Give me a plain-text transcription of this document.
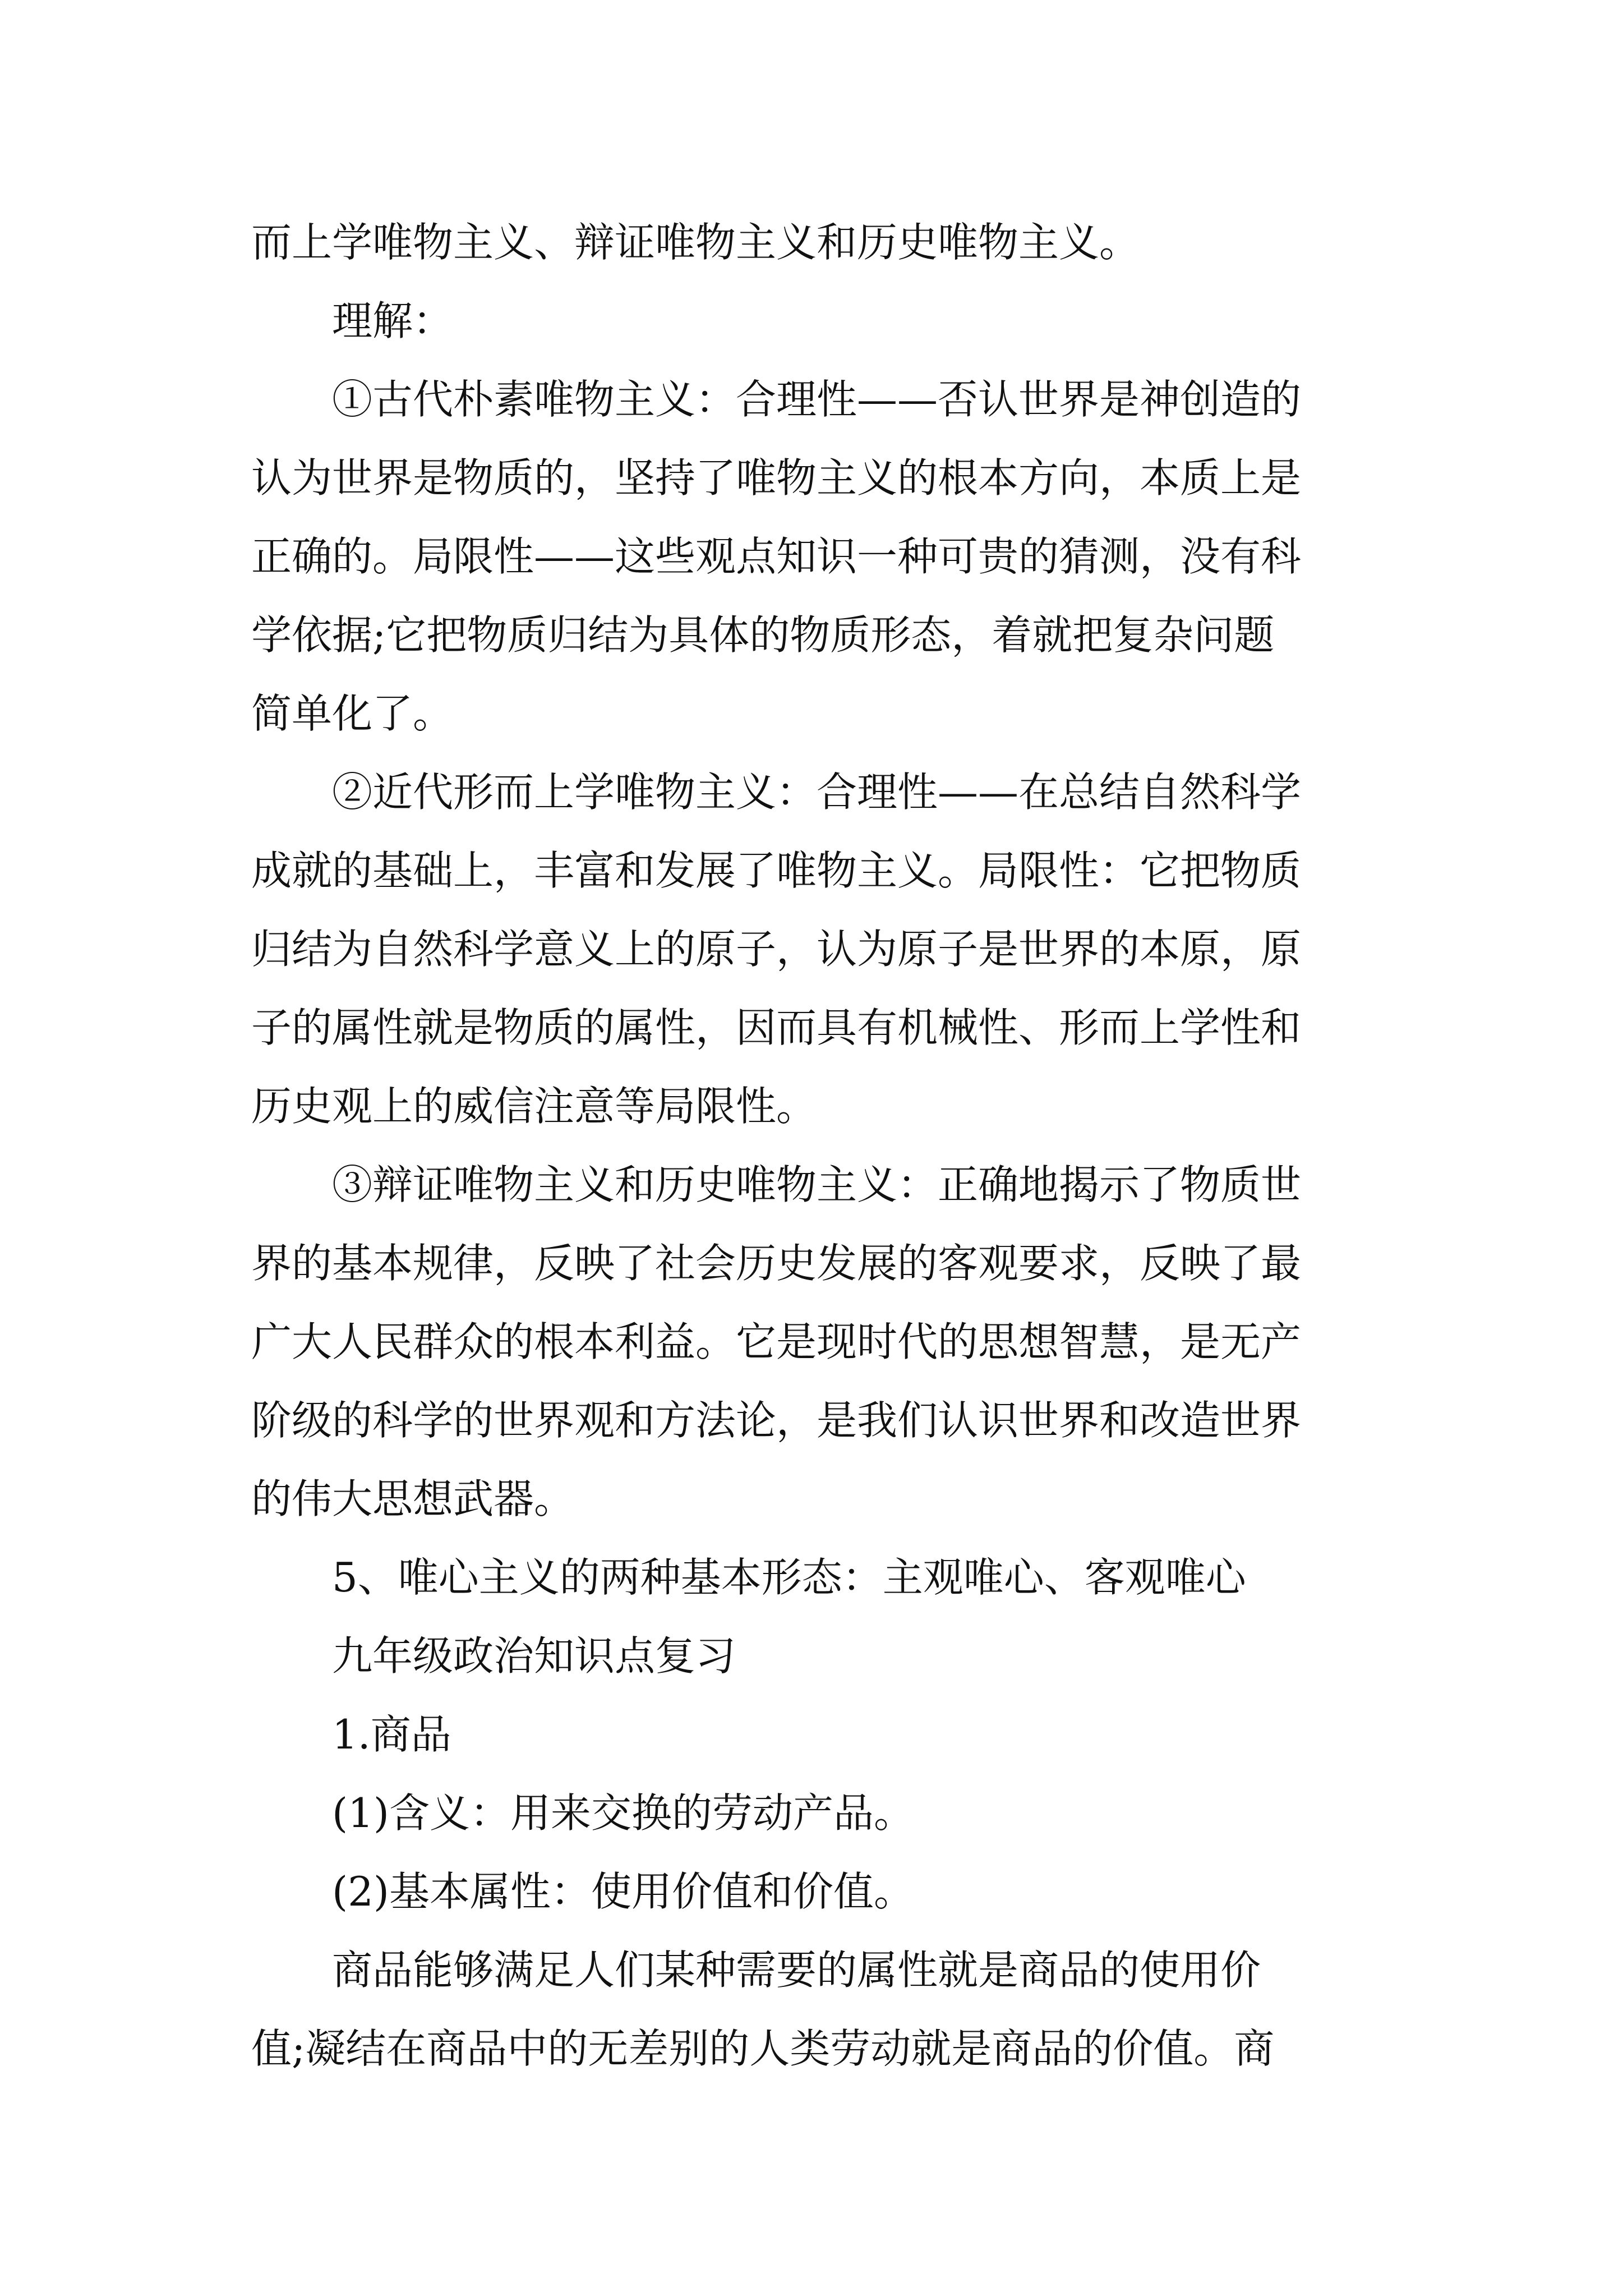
而上学唯物主义、辩证唯物主义和历史唯物主义。
理解：
①古代朴素唯物主义：合理性——否认世界是神创造的
认为世界是物质的，坚持了唯物主义的根本方向，本质上是
正确的。局限性——这些观点知识一种可贵的猜测，没有科
学依据;它把物质归结为具体的物质形态，着就把复杂问题
简单化了。
②近代形而上学唯物主义：合理性——在总结自然科学
成就的基础上，丰富和发展了唯物主义。局限性：它把物质
归结为自然科学意义上的原子，认为原子是世界的本原，原
子的属性就是物质的属性，因而具有机械性、形而上学性和
历史观上的威信注意等局限性。
③辩证唯物主义和历史唯物主义：正确地揭示了物质世
界的基本规律，反映了社会历史发展的客观要求，反映了最
广大人民群众的根本利益。它是现时代的思想智慧，是无产
阶级的科学的世界观和方法论，是我们认识世界和改造世界
的伟大思想武器。
5、唯心主义的两种基本形态：主观唯心、客观唯心
九年级政治知识点复习
1.商品
(1)含义：用来交换的劳动产品。
(2)基本属性：使用价值和价值。
商品能够满足人们某种需要的属性就是商品的使用价
值;凝结在商品中的无差别的人类劳动就是商品的价值。商
